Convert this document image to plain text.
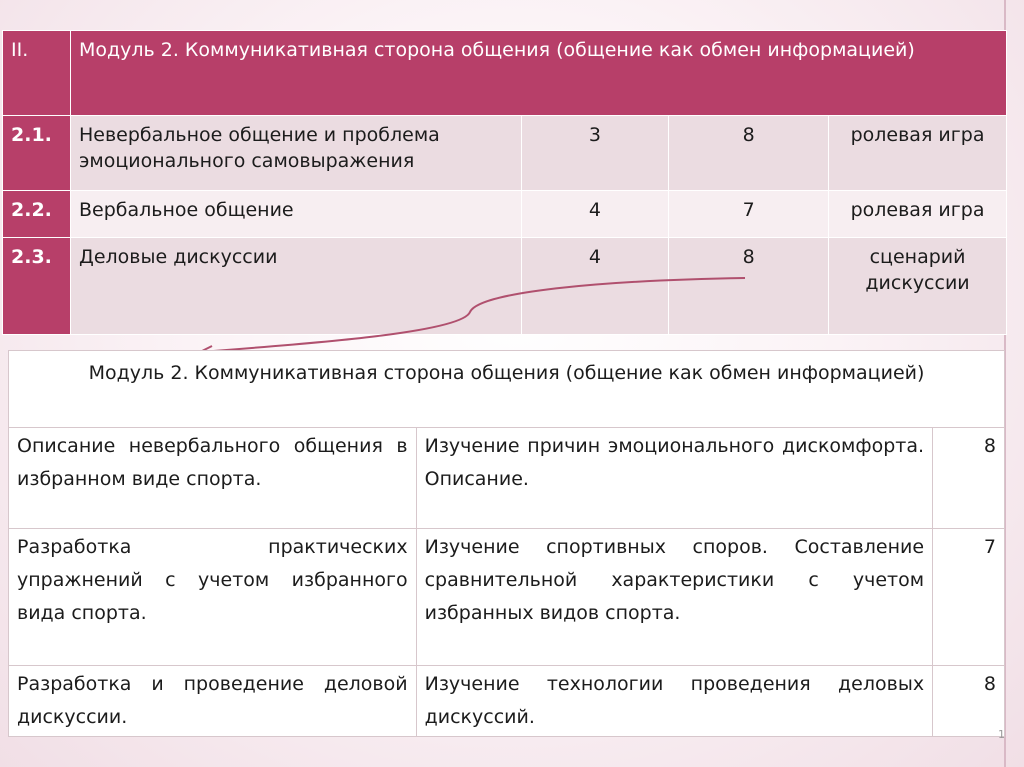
II.	Модуль 2. Коммуникативная сторона общения (общение как обмен информацией)			
2.1.	Невербальное общение и проблема эмоционального самовыражения	3	8	ролевая игра
2.2.	Вербальное общение	4	7	ролевая игра
2.3.	Деловые дискуссии	4	8	сценарий дискуссии
Модуль 2. Коммуникативная сторона общения (общение как обмен информацией)		
Описание невербального общения в избранном виде спорта.	Изучение причин эмоционального дискомфорта. Описание.	8
Разработка практических упражнений с учетом избранного вида спорта.	Изучение спортивных споров. Составление сравнительной характеристики с учетом избранных видов спорта.	7
Разработка и проведение деловой дискуссии.	Изучение технологии проведения деловых дискуссий.	8
1
